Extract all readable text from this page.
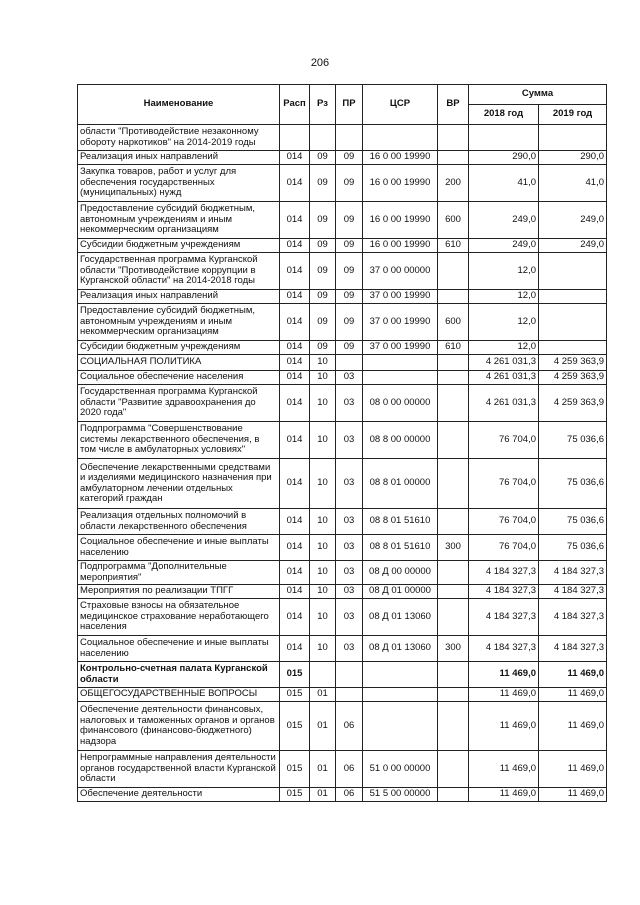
206
Наименование	Расп	Рз	ПР	ЦСР	ВР	Сумма	
						2018 год	2019 год
области "Противодействие незаконному обороту наркотиков" на 2014-2019 годы							
Реализация иных направлений	014	09	09	16 0 00 19990		290,0	290,0
Закупка товаров, работ и услуг для обеспечения государственных (муниципальных) нужд	014	09	09	16 0 00 19990	200	41,0	41,0
Предоставление субсидий бюджетным, автономным учреждениям и иным некоммерческим организациям	014	09	09	16 0 00 19990	600	249,0	249,0
Субсидии бюджетным учреждениям	014	09	09	16 0 00 19990	610	249,0	249,0
Государственная программа Курганской области "Противодействие коррупции в Курганской области" на 2014-2018 годы	014	09	09	37 0 00 00000		12,0	
Реализация иных направлений	014	09	09	37 0 00 19990		12,0	
Предоставление субсидий бюджетным, автономным учреждениям и иным некоммерческим организациям	014	09	09	37 0 00 19990	600	12,0	
Субсидии бюджетным учреждениям	014	09	09	37 0 00 19990	610	12,0	
СОЦИАЛЬНАЯ ПОЛИТИКА	014	10				4 261 031,3	4 259 363,9
Социальное обеспечение населения	014	10	03			4 261 031,3	4 259 363,9
Государственная программа Курганской области "Развитие здравоохранения до 2020 года"	014	10	03	08 0 00 00000		4 261 031,3	4 259 363,9
Подпрограмма "Совершенствование системы лекарственного обеспечения, в том числе в амбулаторных условиях"	014	10	03	08 8 00 00000		76 704,0	75 036,6
Обеспечение лекарственными средствами и изделиями медицинского назначения при амбулаторном лечении отдельных категорий граждан	014	10	03	08 8 01 00000		76 704,0	75 036,6
Реализация отдельных полномочий в области лекарственного обеспечения	014	10	03	08 8 01 51610		76 704,0	75 036,6
Социальное обеспечение и иные выплаты населению	014	10	03	08 8 01 51610	300	76 704,0	75 036,6
Подпрограмма "Дополнительные мероприятия"	014	10	03	08 Д 00 00000		4 184 327,3	4 184 327,3
Мероприятия по реализации ТПГГ	014	10	03	08 Д 01 00000		4 184 327,3	4 184 327,3
Страховые взносы на обязательное медицинское страхование неработающего населения	014	10	03	08 Д 01 13060		4 184 327,3	4 184 327,3
Социальное обеспечение и иные выплаты населению	014	10	03	08 Д 01 13060	300	4 184 327,3	4 184 327,3
Контрольно-счетная палата Курганской области	015					11 469,0	11 469,0
ОБЩЕГОСУДАРСТВЕННЫЕ ВОПРОСЫ	015	01				11 469,0	11 469,0
Обеспечение деятельности финансовых, налоговых и таможенных органов и органов финансового (финансово-бюджетного) надзора	015	01	06			11 469,0	11 469,0
Непрограммные направления деятельности органов государственной власти Курганской области	015	01	06	51 0 00 00000		11 469,0	11 469,0
Обеспечение деятельности	015	01	06	51 5 00 00000		11 469,0	11 469,0
